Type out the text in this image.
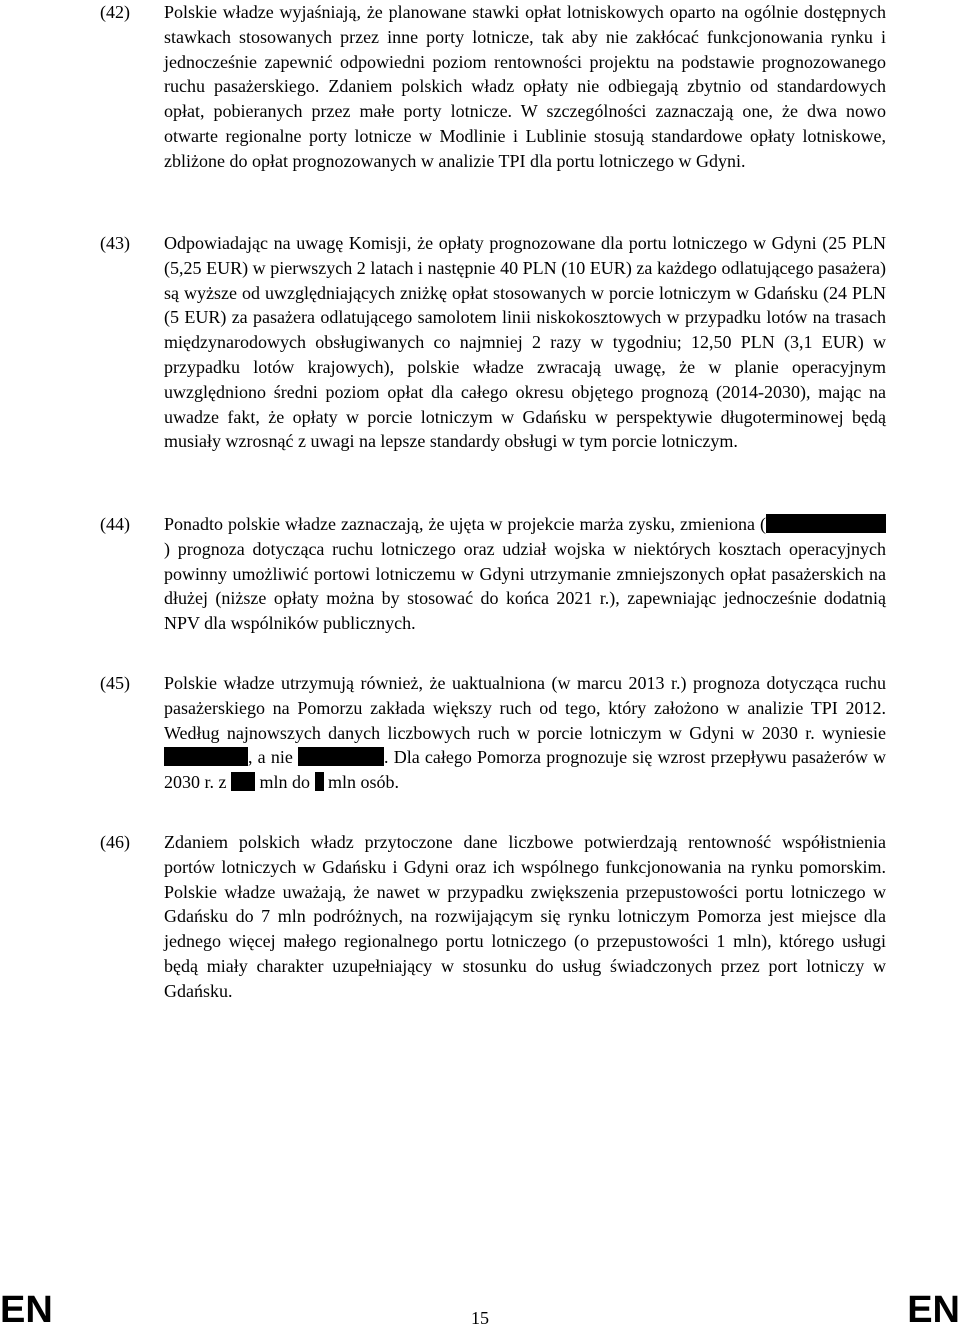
(42) Polskie władze wyjaśniają, że planowane stawki opłat lotniskowych oparto na ogólnie dostępnych stawkach stosowanych przez inne porty lotnicze, tak aby nie zakłócać funkcjonowania rynku i jednocześnie zapewnić odpowiedni poziom rentowności projektu na podstawie prognozowanego ruchu pasażerskiego. Zdaniem polskich władz opłaty nie odbiegają zbytnio od standardowych opłat, pobieranych przez małe porty lotnicze. W szczególności zaznaczają one, że dwa nowo otwarte regionalne porty lotnicze w Modlinie i Lublinie stosują standardowe opłaty lotniskowe, zbliżone do opłat prognozowanych w analizie TPI dla portu lotniczego w Gdyni.
(43) Odpowiadając na uwagę Komisji, że opłaty prognozowane dla portu lotniczego w Gdyni (25 PLN (5,25 EUR) w pierwszych 2 latach i następnie 40 PLN (10 EUR) za każdego odlatującego pasażera) są wyższe od uwzględniających zniżkę opłat stosowanych w porcie lotniczym w Gdańsku (24 PLN (5 EUR) za pasażera odlatującego samolotem linii niskokosztowych w przypadku lotów na trasach międzynarodowych obsługiwanych co najmniej 2 razy w tygodniu; 12,50 PLN (3,1 EUR) w przypadku lotów krajowych), polskie władze zwracają uwagę, że w planie operacyjnym uwzględniono średni poziom opłat dla całego okresu objętego prognozą (2014-2030), mając na uwadze fakt, że opłaty w porcie lotniczym w Gdańsku w perspektywie długoterminowej będą musiały wzrosnąć z uwagi na lepsze standardy obsługi w tym porcie lotniczym.
(44) Ponadto polskie władze zaznaczają, że ujęta w projekcie marża zysku, zmieniona () prognoza dotycząca ruchu lotniczego oraz udział wojska w niektórych kosztach operacyjnych powinny umożliwić portowi lotniczemu w Gdyni utrzymanie zmniejszonych opłat pasażerskich na dłużej (niższe opłaty można by stosować do końca 2021 r.), zapewniając jednocześnie dodatnią NPV dla wspólników publicznych.
(45) Polskie władze utrzymują również, że uaktualniona (w marcu 2013 r.) prognoza dotycząca ruchu pasażerskiego na Pomorzu zakłada większy ruch od tego, który założono w analizie TPI 2012. Według najnowszych danych liczbowych ruch w porcie lotniczym w Gdyni w 2030 r. wyniesie , a nie	. Dla całego Pomorza prognozuje się wzrost przepływu pasażerów w 2030 r. z  mln do  mln osób.
(46) Zdaniem polskich władz przytoczone dane liczbowe potwierdzają rentowność współistnienia portów lotniczych w Gdańsku i Gdyni oraz ich wspólnego funkcjonowania na rynku pomorskim. Polskie władze uważają, że nawet w przypadku zwiększenia przepustowości portu lotniczego w Gdańsku do 7 mln podróżnych, na rozwijającym się rynku lotniczym Pomorza jest miejsce dla jednego więcej małego regionalnego portu lotniczego (o przepustowości 1 mln), którego usługi będą miały charakter uzupełniający w stosunku do usług świadczonych przez port lotniczy w Gdańsku.
EN	15	EN
